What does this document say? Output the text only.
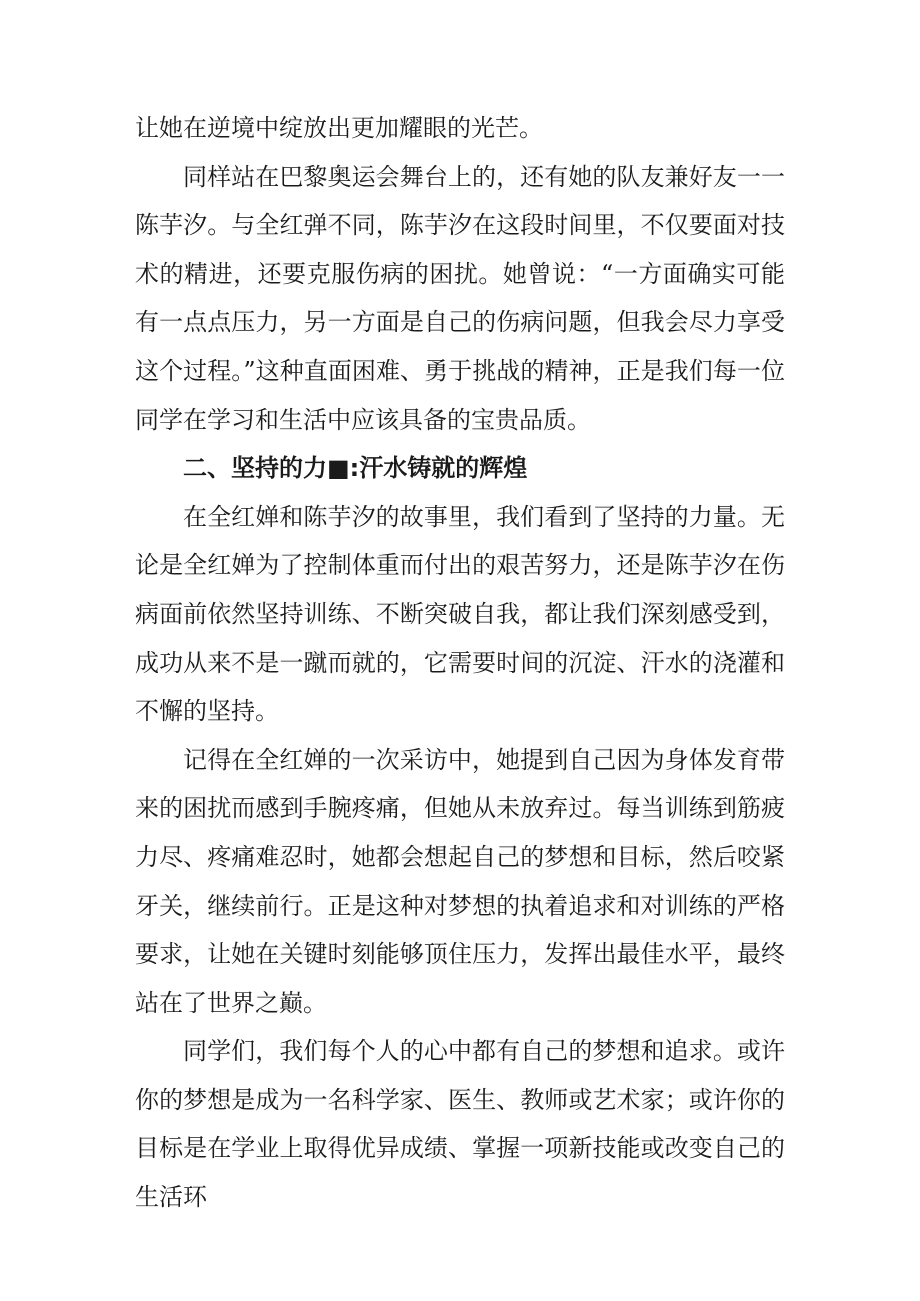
让她在逆境中绽放出更加耀眼的光芒。

同样站在巴黎奥运会舞台上的，还有她的队友兼好友一一陈芋汐。与全红弹不同，陈芋汐在这段时间里，不仅要面对技术的精进，还要克服伤病的困扰。她曾说：“一方面确实可能有一点点压力，另一方面是自己的伤病问题，但我会尽力享受这个过程。”这种直面困难、勇于挑战的精神，正是我们每一位同学在学习和生活中应该具备的宝贵品质。

二、坚持的力■:汗水铸就的辉煌

在全红婵和陈芋汐的故事里，我们看到了坚持的力量。无论是全红婵为了控制体重而付出的艰苦努力，还是陈芋汐在伤病面前依然坚持训练、不断突破自我，都让我们深刻感受到，成功从来不是一蹴而就的，它需要时间的沉淀、汗水的浇灌和不懈的坚持。

记得在全红婵的一次采访中，她提到自己因为身体发育带来的困扰而感到手腕疼痛，但她从未放弃过。每当训练到筋疲力尽、疼痛难忍时，她都会想起自己的梦想和目标，然后咬紧牙关，继续前行。正是这种对梦想的执着追求和对训练的严格要求，让她在关键时刻能够顶住压力，发挥出最佳水平，最终站在了世界之巅。

同学们，我们每个人的心中都有自己的梦想和追求。或许你的梦想是成为一名科学家、医生、教师或艺术家；或许你的目标是在学业上取得优异成绩、掌握一项新技能或改变自己的生活环
